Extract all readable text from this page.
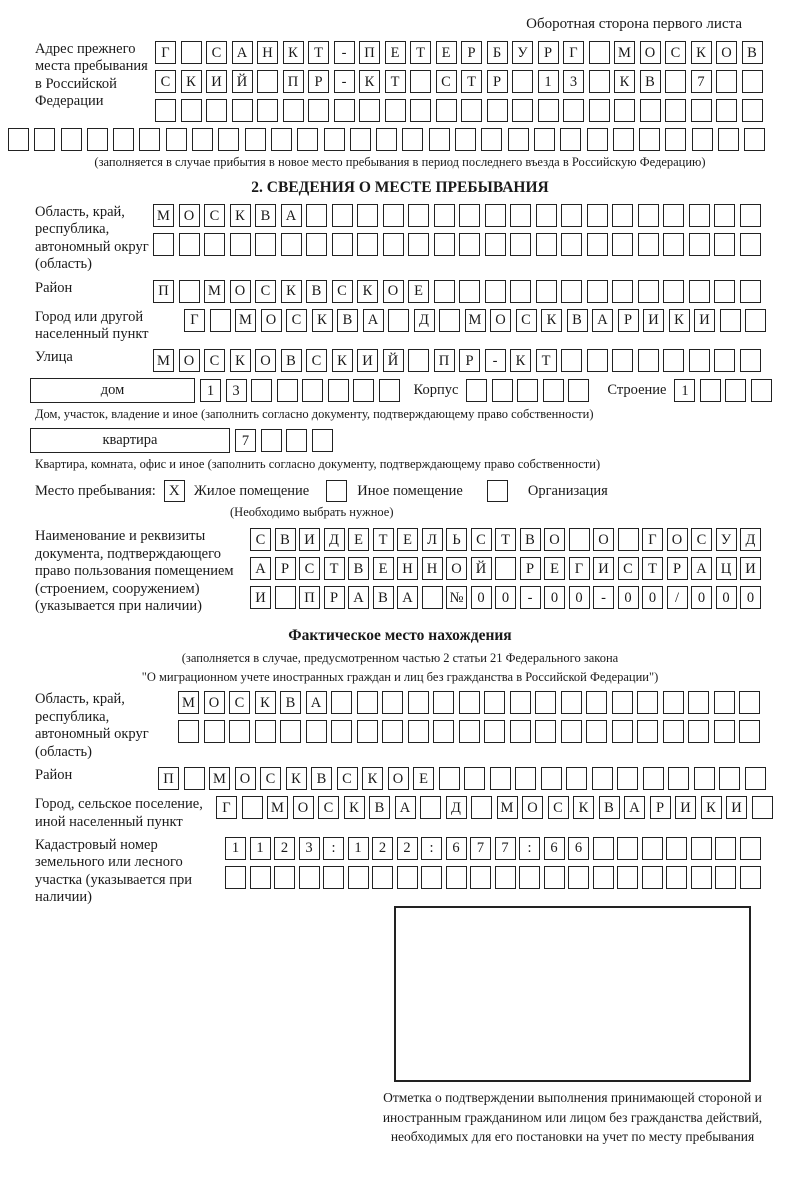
Оборотная сторона первого листа
Адрес прежнего места пребывания в Российской Федерации
Г	С	А	Н	К	Т	-	П	Е	Т	Е	Р	Б	У	Р	Г	М О	С	К	О	В
С	К	И	Й	П	Р	-	К	Т	С	Т	Р	1	3	К	В	7
(заполняется в случае прибытия в новое место пребывания в период последнего въезда в Российскую Федерацию)
2. СВЕДЕНИЯ О МЕСТЕ ПРЕБЫВАНИЯ
Область, край, республика, автономный округ (область)
М О	С	К	В	А
Район	П	М О	С	К	В	С	К	О	Е
Город или другой населенный пункт
Г	М О	С	К	В	А	Д	М О	С	К	В	А	Р	И	К	И
Улица	М О	С	К	О	В	С	К	И	Й	П	Р	-	К	Т
дом	1	3	Корпус	Строение	1
Дом, участок, владение и иное (заполнить согласно документу, подтверждающему право собственности)
квартира	7
Квартира, комната, офис и иное (заполнить согласно документу, подтверждающему право собственности)
Место пребывания: X Жилое помещение	Иное помещение	Организация
(Необходимо выбрать нужное)
Наименование и реквизиты документа, подтверждающего право пользования помещением (строением, сооружением) (указывается при наличии)
С	В И Д	Е	Т	Е	Л	Ь	С	Т	В О	О	Г	О С	У Д
А	Р	С	Т	В	Е	Н Н О Й	Р	Е	Г	И С	Т	Р	А Ц И
И	П	Р	А В А	№ 0	0	-	0	0	-	0	0	/	0	0	0
Фактическое место нахождения
(заполняется в случае, предусмотренном частью 2 статьи 21 Федерального закона
"О миграционном учете иностранных граждан и лиц без гражданства в Российской Федерации")
Область, край, республика, автономный округ (область)
М О	С	К	В	А
Район	П	М О	С	К	В	С	К	О	Е
Город, сельское поселение, иной населенный пункт
Г	М О	С	К	В	А	Д	М О	С	К	В	А	Р	И	К	И
Кадастровый номер земельного или лесного участка (указывается при наличии)
1	1	2	3	:	1	2	2	:	6	7	7	:	6	6
Отметка о подтверждении выполнения принимающей стороной и иностранным гражданином или лицом без гражданства действий, необходимых для его постановки на учет по месту пребывания
